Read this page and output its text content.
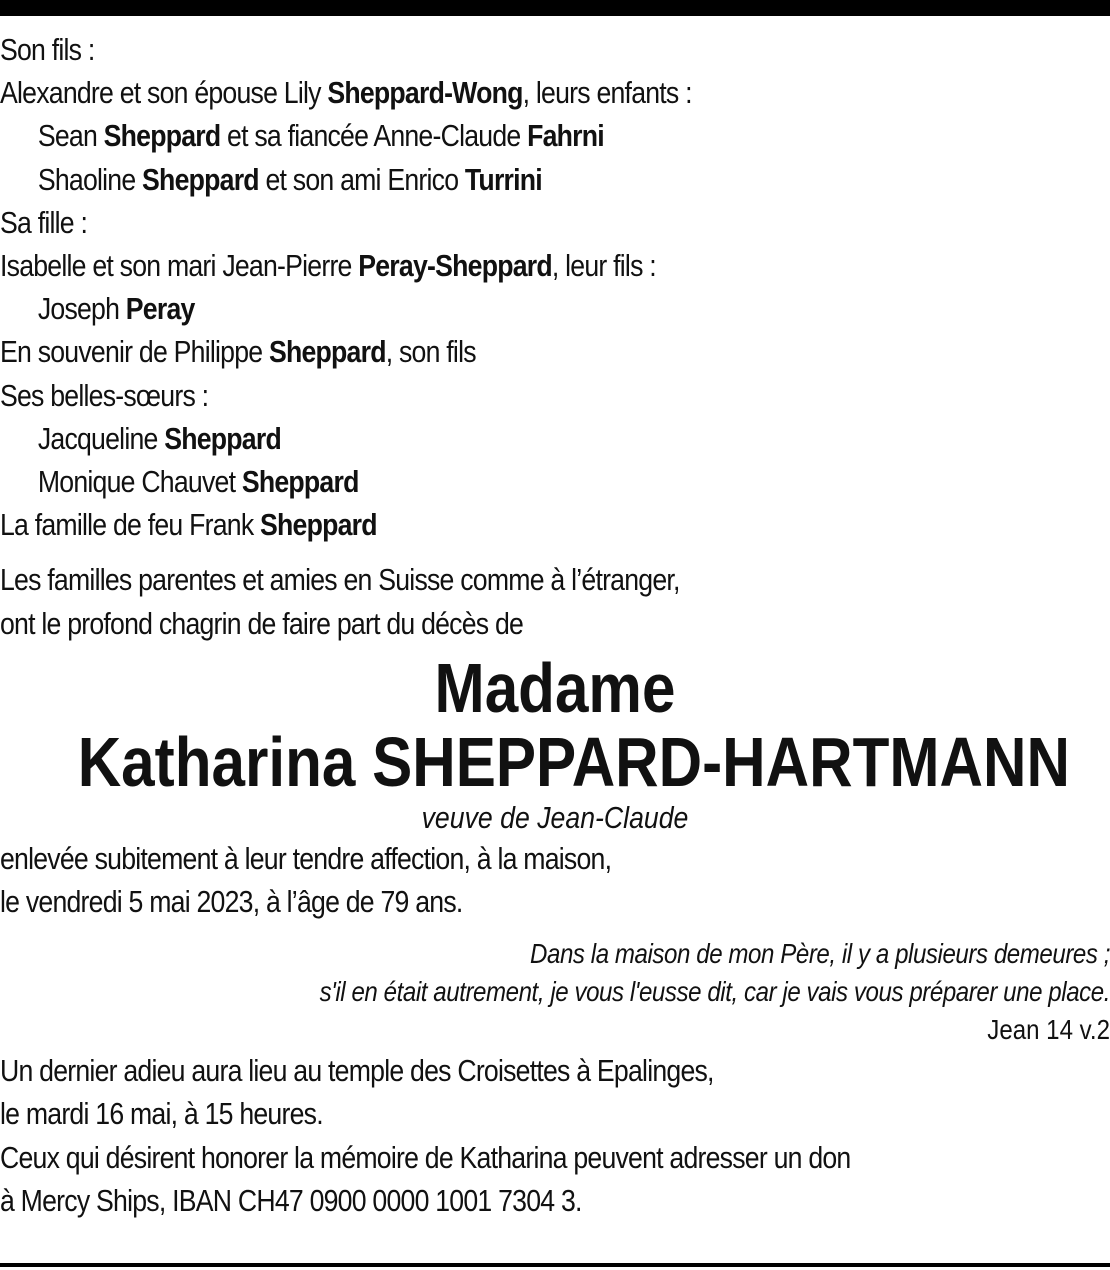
Son fils :
Alexandre et son épouse Lily Sheppard-Wong, leurs enfants :
Sean Sheppard et sa fiancée Anne-Claude Fahrni
Shaoline Sheppard et son ami Enrico Turrini
Sa fille :
Isabelle et son mari Jean-Pierre Peray-Sheppard, leur fils :
Joseph Peray
En souvenir de Philippe Sheppard, son fils
Ses belles-sœurs :
Jacqueline Sheppard
Monique Chauvet Sheppard
La famille de feu Frank Sheppard
Les familles parentes et amies en Suisse comme à l’étranger,
ont le profond chagrin de faire part du décès de
Madame
Katharina SHEPPARD-HARTMANN
veuve de Jean-Claude
enlevée subitement à leur tendre affection, à la maison,
le vendredi 5 mai 2023, à l’âge de 79 ans.
Dans la maison de mon Père, il y a plusieurs demeures ;
s'il en était autrement, je vous l'eusse dit, car je vais vous préparer une place.
Jean 14 v.2
Un dernier adieu aura lieu au temple des Croisettes à Epalinges,
le mardi 16 mai, à 15 heures.
Ceux qui désirent honorer la mémoire de Katharina peuvent adresser un don
à Mercy Ships, IBAN CH47 0900 0000 1001 7304 3.
